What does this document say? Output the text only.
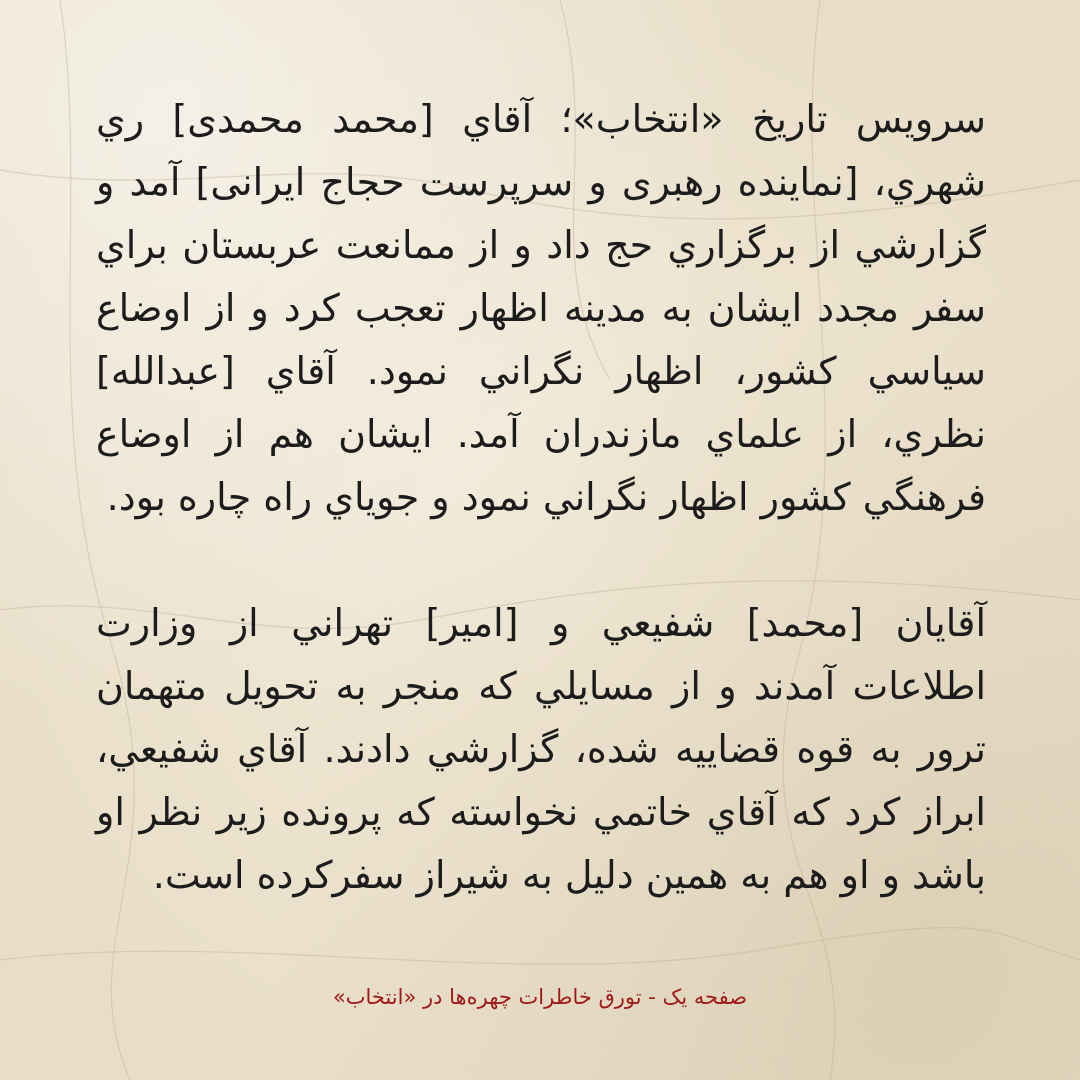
سرويس تاريخ «انتخاب»؛ آقاي [محمد محمدی] ري شهري، [نماينده رهبری و سرپرست حجاج ایرانی] آمد و گزارشي از برگزاري حج داد و از ممانعت عربستان براي سفر مجدد ايشان به مدينه اظهار تعجب كرد و از اوضاع سياسي كشور، اظهار نگراني نمود. آقاي [عبدالله] نظري، از علماي مازندران آمد. ايشان هم از اوضاع فرهنگي كشور اظهار نگراني نمود و جوياي راه چاره بود.

آقايان [محمد] شفيعي و [امیر] تهراني از وزارت اطلاعات آمدند و از مسايلي كه منجر به تحويل متهمان ترور به قوه قضاييه شده، گزارشي دادند. آقاي شفيعي، ابراز كرد كه آقاي خاتمي نخواسته كه پرونده زير نظر او باشد و او هم به همين دليل به شيراز سفركرده است.

صفحه یک - تورق خاطرات چهره‌ها در «انتخاب»
